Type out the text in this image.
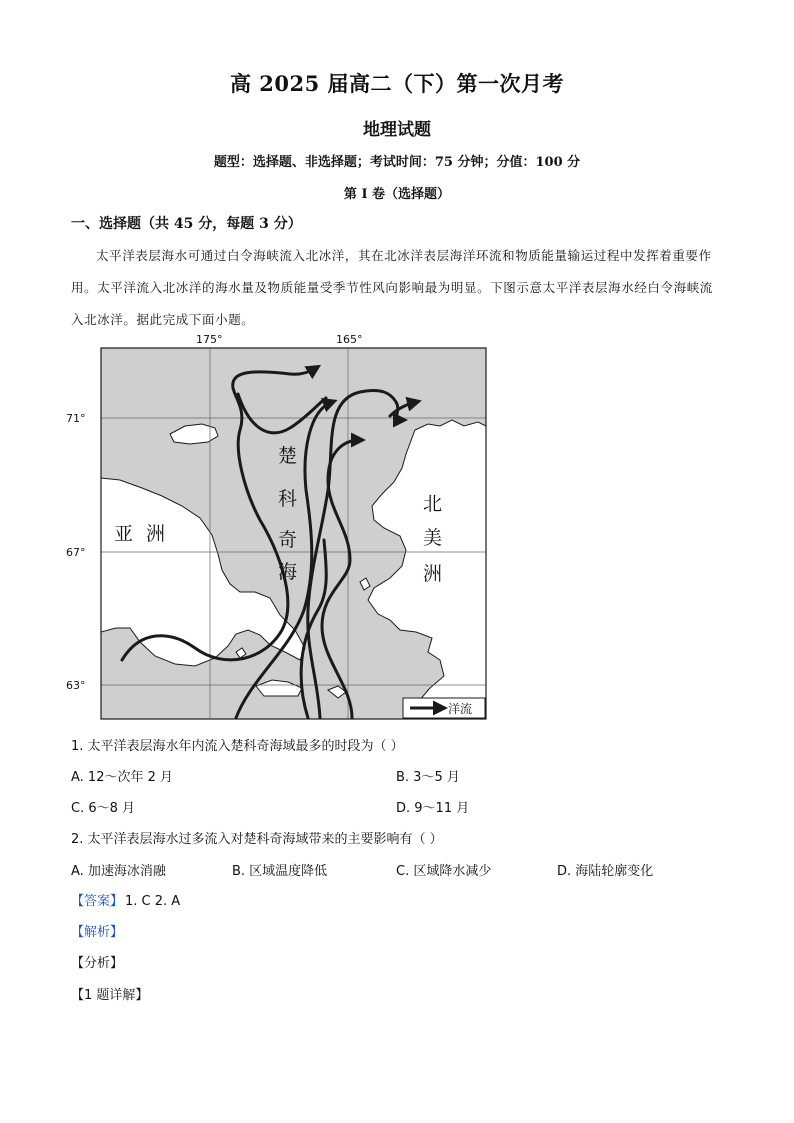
高 2025 届高二（下）第一次月考
地理试题
题型：选择题、非选择题；考试时间：75 分钟；分值：100 分
第 I 卷（选择题）
一、选择题（共 45 分，每题 3 分）
太平洋表层海水可通过白令海峡流入北冰洋，其在北冰洋表层海洋环流和物质能量输运过程中发挥着重要作用。太平洋流入北冰洋的海水量及物质能量受季节性风向影响最为明显。下图示意太平洋表层海水经白令海峡流入北冰洋。据此完成下面小题。
洋流
175°	165°
71°
67°
63°
亚 洲
楚
科
奇
海
北
美
洲
1. 太平洋表层海水年内流入楚科奇海域最多的时段为（ ）
A. 12～次年 2 月	B. 3～5 月
C. 6～8 月	D. 9～11 月
2. 太平洋表层海水过多流入对楚科奇海域带来的主要影响有（ ）
A. 加速海冰消融	B. 区域温度降低	C. 区域降水减少	D. 海陆轮廓变化
【答案】 1. C 2. A
【解析】
【分析】
【1 题详解】
